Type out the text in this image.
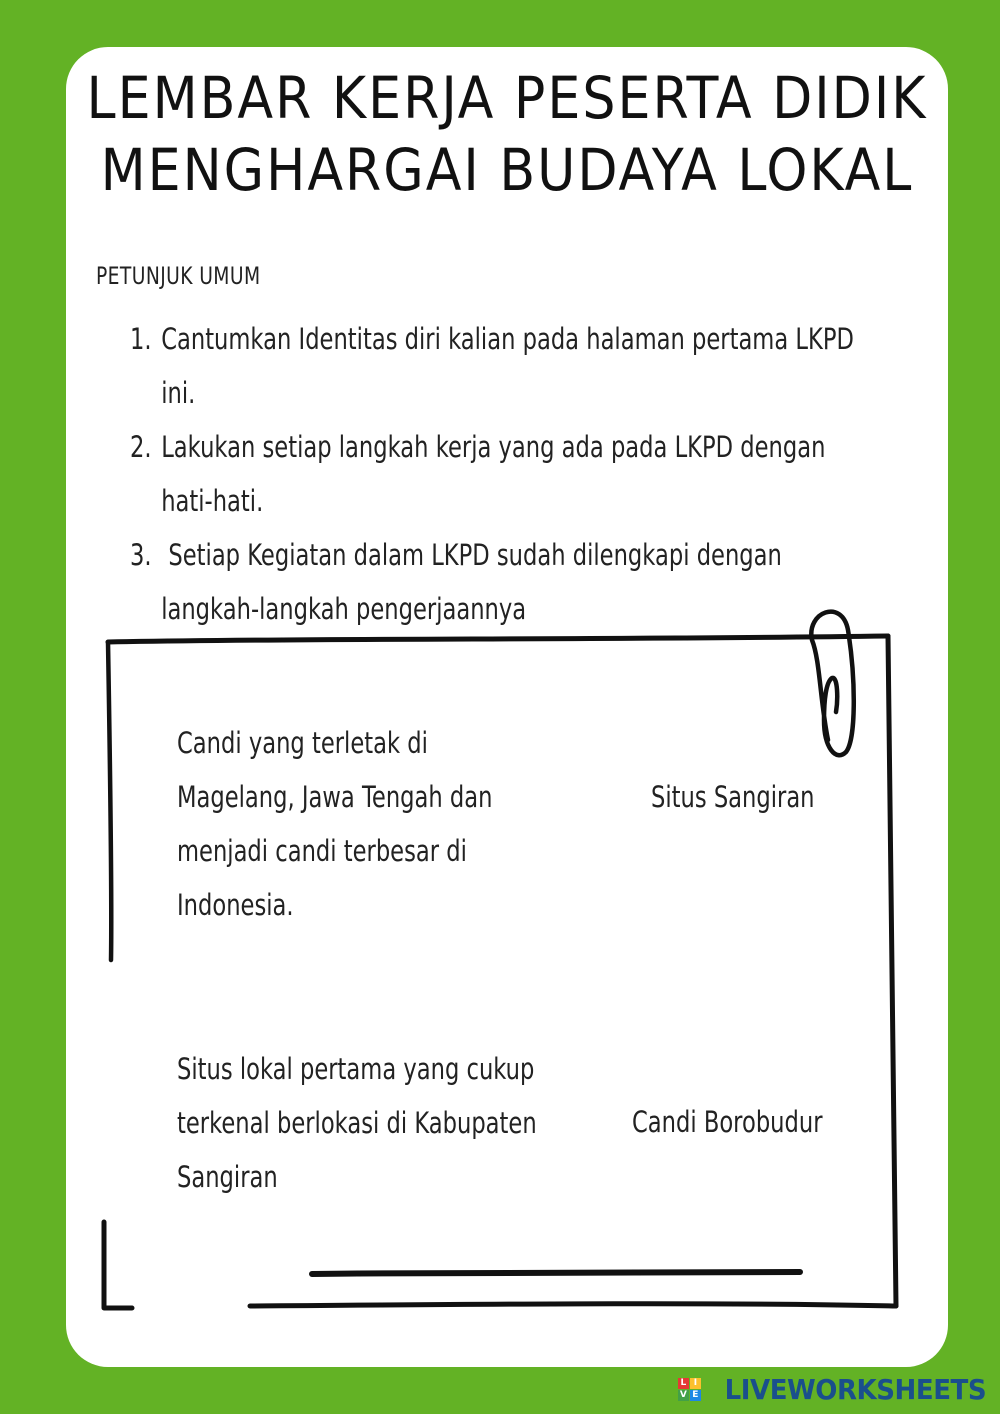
LEMBAR KERJA PESERTA DIDIK
MENGHARGAI BUDAYA LOKAL
PETUNJUK UMUM
1. Cantumkan Identitas diri kalian pada halaman pertama LKPD ini.
2. Lakukan setiap langkah kerja yang ada pada LKPD dengan hati-hati.
3. Setiap Kegiatan dalam LKPD sudah dilengkapi dengan langkah-langkah pengerjaannya
Candi yang terletak di Magelang, Jawa Tengah dan menjadi candi terbesar di Indonesia.
Situs lokal pertama yang cukup terkenal berlokasi di Kabupaten Sangiran
Situs Sangiran
Candi Borobudur
L I
V E LIVEWORKSHEETS
